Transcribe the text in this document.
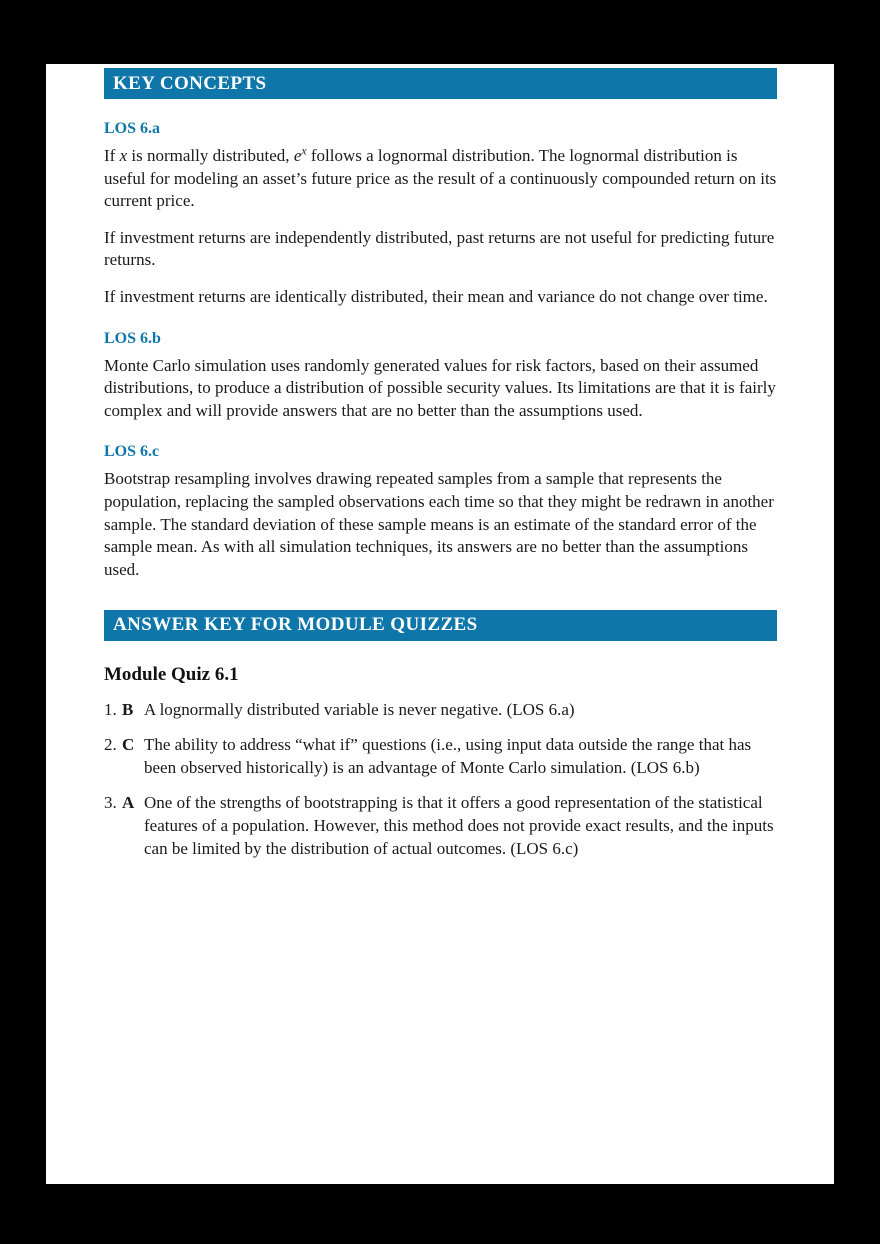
KEY CONCEPTS
LOS 6.a

If x is normally distributed, $e^x$ follows a lognormal distribution. The lognormal distribution is useful for modeling an asset’s future price as the result of a continuously compounded return on its current price.

If investment returns are independently distributed, past returns are not useful for predicting future returns.

If investment returns are identically distributed, their mean and variance do not change over time.

LOS 6.b

Monte Carlo simulation uses randomly generated values for risk factors, based on their assumed distributions, to produce a distribution of possible security values. Its limitations are that it is fairly complex and will provide answers that are no better than the assumptions used.

LOS 6.c

Bootstrap resampling involves drawing repeated samples from a sample that represents the population, replacing the sampled observations each time so that they might be redrawn in another sample. The standard deviation of these sample means is an estimate of the standard error of the sample mean. As with all simulation techniques, its answers are no better than the assumptions used.

ANSWER KEY FOR MODULE QUIZZES
Module Quiz 6.1
1. B A lognormally distributed variable is never negative. (LOS 6.a)
2. C The ability to address “what if” questions (i.e., using input data outside the range that has been observed historically) is an advantage of Monte Carlo simulation. (LOS 6.b)
3. A One of the strengths of bootstrapping is that it offers a good representation of the statistical features of a population. However, this method does not provide exact results, and the inputs can be limited by the distribution of actual outcomes. (LOS 6.c)
